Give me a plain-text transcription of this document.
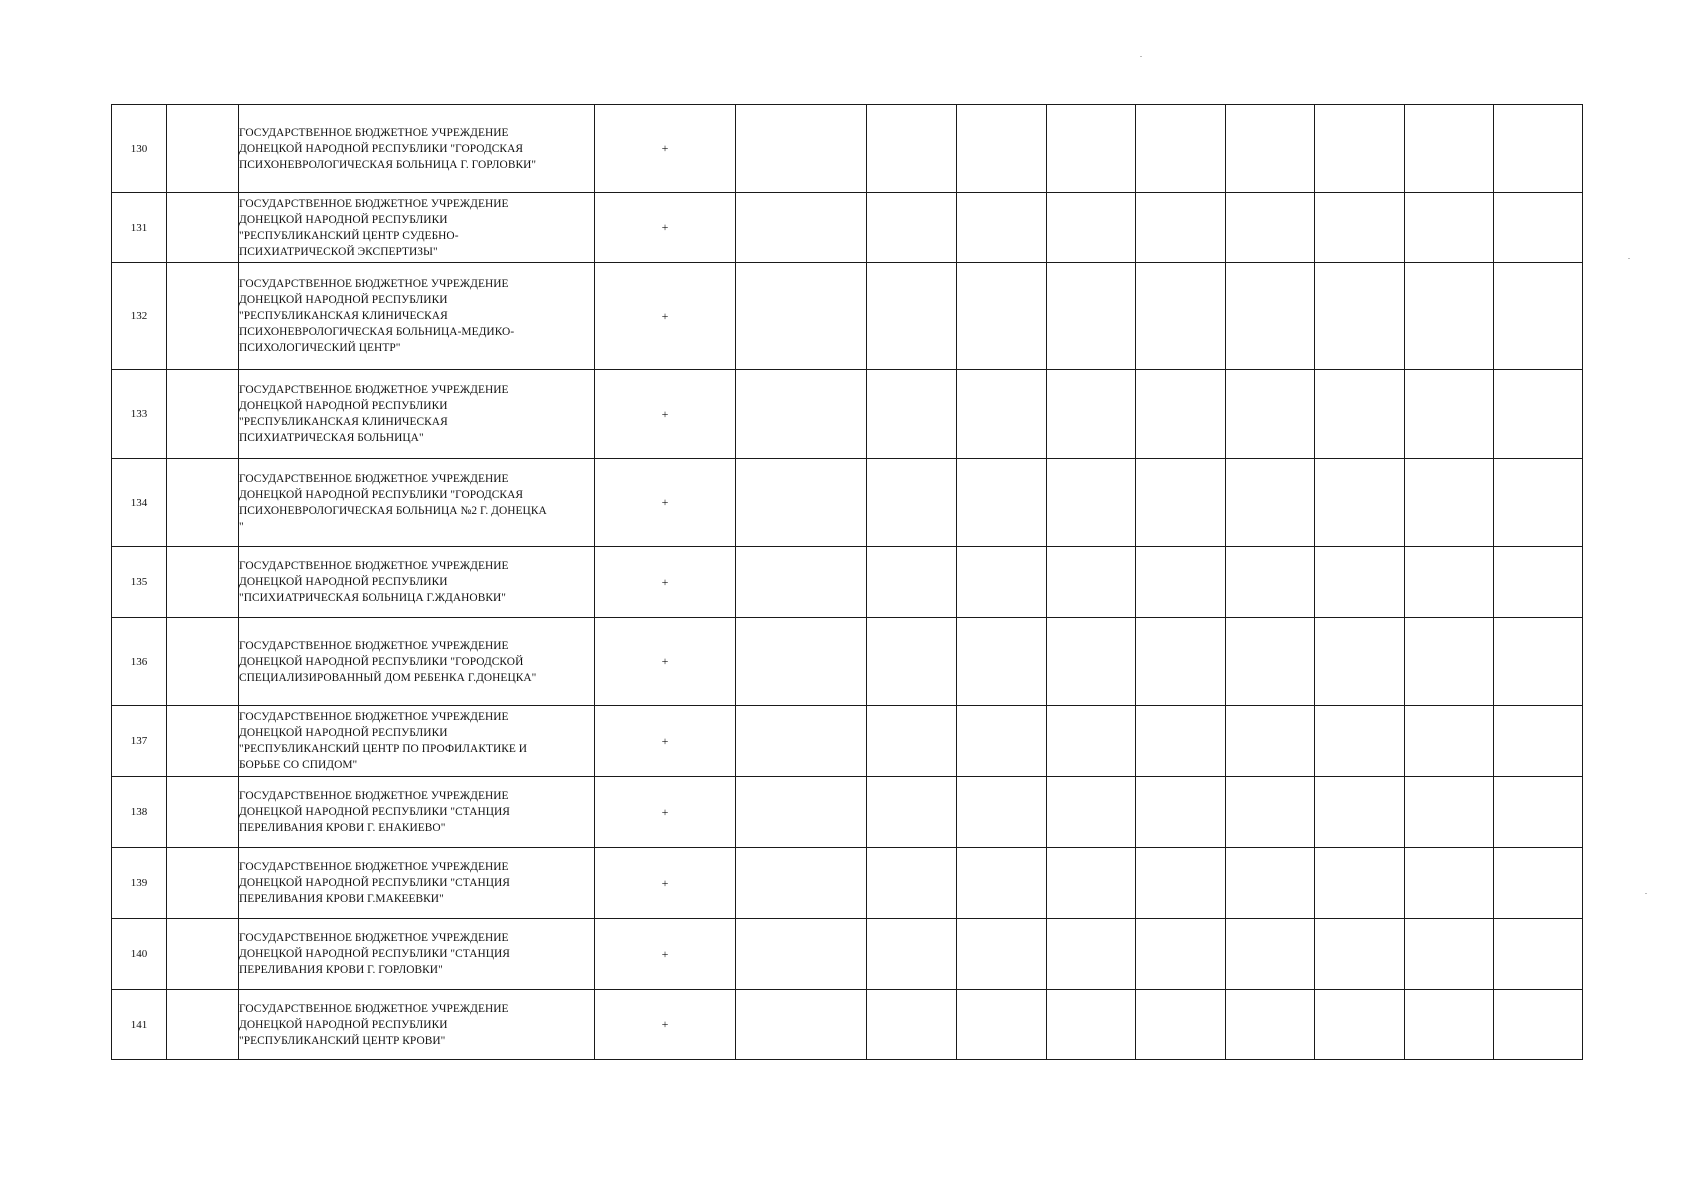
130		ГОСУДАРСТВЕННОЕ БЮДЖЕТНОЕ УЧРЕЖДЕНИЕ
ДОНЕЦКОЙ НАРОДНОЙ РЕСПУБЛИКИ "ГОРОДСКАЯ
ПСИХОНЕВРОЛОГИЧЕСКАЯ БОЛЬНИЦА Г. ГОРЛОВКИ"	+									
131		ГОСУДАРСТВЕННОЕ БЮДЖЕТНОЕ УЧРЕЖДЕНИЕ
ДОНЕЦКОЙ НАРОДНОЙ РЕСПУБЛИКИ
"РЕСПУБЛИКАНСКИЙ ЦЕНТР СУДЕБНО-
ПСИХИАТРИЧЕСКОЙ ЭКСПЕРТИЗЫ"	+									
132		ГОСУДАРСТВЕННОЕ БЮДЖЕТНОЕ УЧРЕЖДЕНИЕ
ДОНЕЦКОЙ НАРОДНОЙ РЕСПУБЛИКИ
"РЕСПУБЛИКАНСКАЯ КЛИНИЧЕСКАЯ
ПСИХОНЕВРОЛОГИЧЕСКАЯ БОЛЬНИЦА-МЕДИКО-
ПСИХОЛОГИЧЕСКИЙ ЦЕНТР"	+									
133		ГОСУДАРСТВЕННОЕ БЮДЖЕТНОЕ УЧРЕЖДЕНИЕ
ДОНЕЦКОЙ НАРОДНОЙ РЕСПУБЛИКИ
"РЕСПУБЛИКАНСКАЯ КЛИНИЧЕСКАЯ
ПСИХИАТРИЧЕСКАЯ БОЛЬНИЦА"	+									
134		ГОСУДАРСТВЕННОЕ БЮДЖЕТНОЕ УЧРЕЖДЕНИЕ
ДОНЕЦКОЙ НАРОДНОЙ РЕСПУБЛИКИ "ГОРОДСКАЯ
ПСИХОНЕВРОЛОГИЧЕСКАЯ БОЛЬНИЦА №2 Г. ДОНЕЦКА
"	+									
135		ГОСУДАРСТВЕННОЕ БЮДЖЕТНОЕ УЧРЕЖДЕНИЕ
ДОНЕЦКОЙ НАРОДНОЙ РЕСПУБЛИКИ
"ПСИХИАТРИЧЕСКАЯ БОЛЬНИЦА Г.ЖДАНОВКИ"	+									
136		ГОСУДАРСТВЕННОЕ БЮДЖЕТНОЕ УЧРЕЖДЕНИЕ
ДОНЕЦКОЙ НАРОДНОЙ РЕСПУБЛИКИ "ГОРОДСКОЙ
СПЕЦИАЛИЗИРОВАННЫЙ ДОМ РЕБЕНКА Г.ДОНЕЦКА"	+									
137		ГОСУДАРСТВЕННОЕ БЮДЖЕТНОЕ УЧРЕЖДЕНИЕ
ДОНЕЦКОЙ НАРОДНОЙ РЕСПУБЛИКИ
"РЕСПУБЛИКАНСКИЙ ЦЕНТР ПО ПРОФИЛАКТИКЕ И
БОРЬБЕ СО СПИДОМ"	+									
138		ГОСУДАРСТВЕННОЕ БЮДЖЕТНОЕ УЧРЕЖДЕНИЕ
ДОНЕЦКОЙ НАРОДНОЙ РЕСПУБЛИКИ "СТАНЦИЯ
ПЕРЕЛИВАНИЯ КРОВИ Г. ЕНАКИЕВО"	+									
139		ГОСУДАРСТВЕННОЕ БЮДЖЕТНОЕ УЧРЕЖДЕНИЕ
ДОНЕЦКОЙ НАРОДНОЙ РЕСПУБЛИКИ "СТАНЦИЯ
ПЕРЕЛИВАНИЯ КРОВИ Г.МАКЕЕВКИ"	+									
140		ГОСУДАРСТВЕННОЕ БЮДЖЕТНОЕ УЧРЕЖДЕНИЕ
ДОНЕЦКОЙ НАРОДНОЙ РЕСПУБЛИКИ "СТАНЦИЯ
ПЕРЕЛИВАНИЯ КРОВИ Г. ГОРЛОВКИ"	+									
141		ГОСУДАРСТВЕННОЕ БЮДЖЕТНОЕ УЧРЕЖДЕНИЕ
ДОНЕЦКОЙ НАРОДНОЙ РЕСПУБЛИКИ
"РЕСПУБЛИКАНСКИЙ ЦЕНТР КРОВИ"	+									
